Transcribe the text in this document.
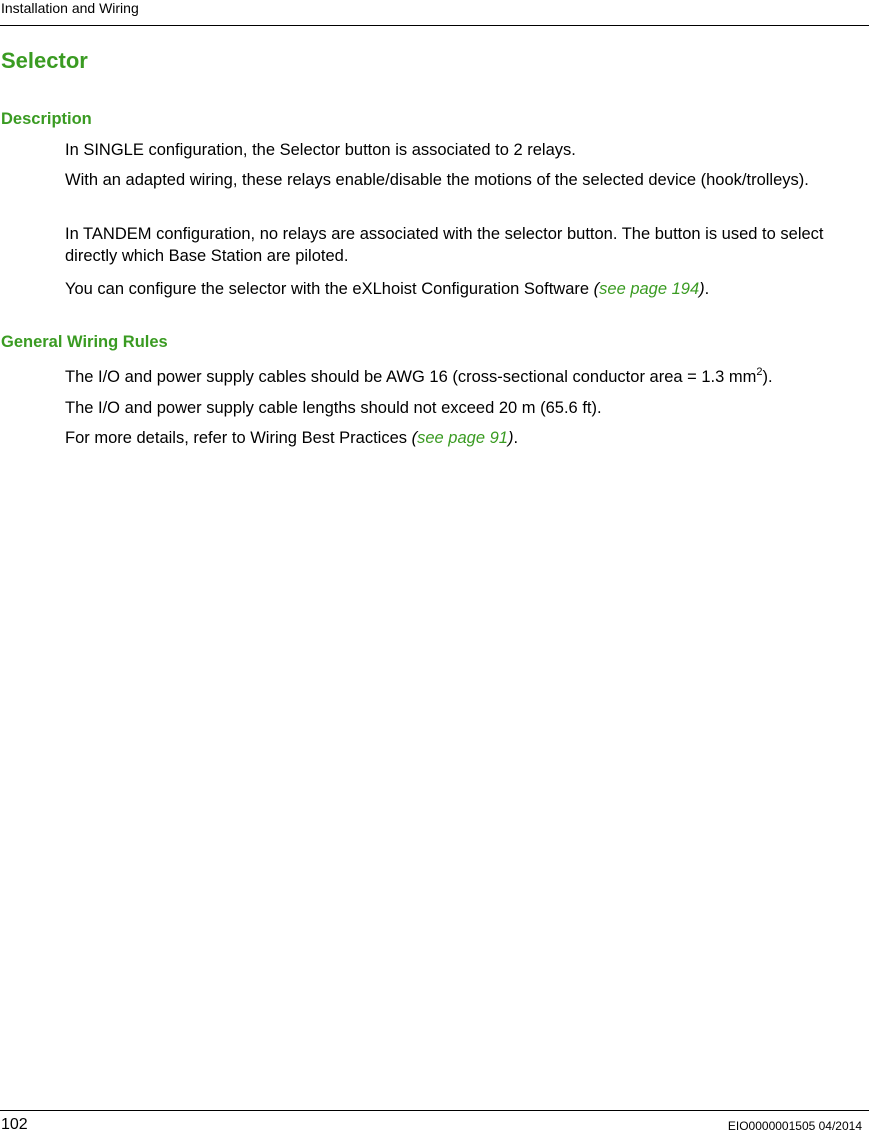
Installation and Wiring
Selector
Description

In SINGLE configuration, the Selector button is associated to 2 relays.

With an adapted wiring, these relays enable/disable the motions of the selected device (hook/trolleys).

In TANDEM configuration, no relays are associated with the selector button. The button is used to select directly which Base Station are piloted.

You can configure the selector with the eXLhoist Configuration Software (see page 194).

General Wiring Rules

The I/O and power supply cables should be AWG 16 (cross-sectional conductor area = 1.3 $mm^2$).

The I/O and power supply cable lengths should not exceed 20 m (65.6 ft).

For more details, refer to Wiring Best Practices (see page 91).

102	EIO0000001505 04/2014
